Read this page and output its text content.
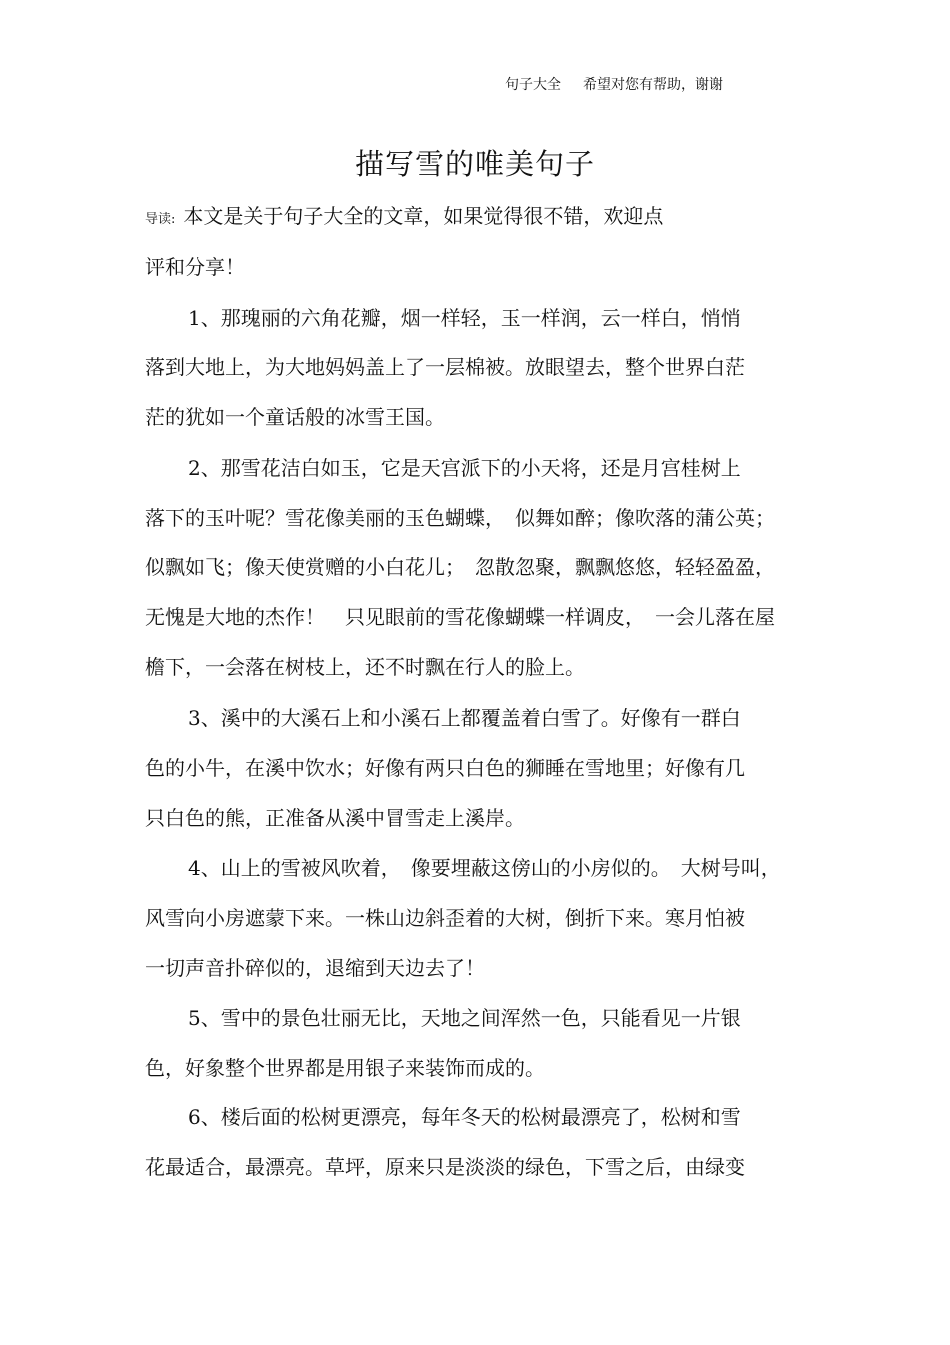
句子大全 希望对您有帮助，谢谢
描写雪的唯美句子
导读: 本文是关于句子大全的文章，如果觉得很不错，欢迎点
评和分享！
1、那瑰丽的六角花瓣，烟一样轻，玉一样润，云一样白，悄悄
落到大地上，为大地妈妈盖上了一层棉被。放眼望去，整个世界白茫
茫的犹如一个童话般的冰雪王国。
2、那雪花洁白如玉，它是天宫派下的小天将，还是月宫桂树上
落下的玉叶呢？雪花像美丽的玉色蝴蝶，　似舞如醉；像吹落的蒲公英；
似飘如飞；像天使赏赠的小白花儿；　忽散忽聚，飘飘悠悠，轻轻盈盈，
无愧是大地的杰作！　只见眼前的雪花像蝴蝶一样调皮，　一会儿落在屋
檐下，一会落在树枝上，还不时飘在行人的脸上。
3、溪中的大溪石上和小溪石上都覆盖着白雪了。好像有一群白
色的小牛，在溪中饮水；好像有两只白色的狮睡在雪地里；好像有几
只白色的熊，正准备从溪中冒雪走上溪岸。
4、山上的雪被风吹着，　像要埋蔽这傍山的小房似的。　大树号叫，
风雪向小房遮蒙下来。一株山边斜歪着的大树，倒折下来。寒月怕被
一切声音扑碎似的，退缩到天边去了！
5、雪中的景色壮丽无比，天地之间浑然一色，只能看见一片银
色，好象整个世界都是用银子来装饰而成的。
6、楼后面的松树更漂亮，每年冬天的松树最漂亮了，松树和雪
花最适合，最漂亮。草坪，原来只是淡淡的绿色，下雪之后，由绿变
